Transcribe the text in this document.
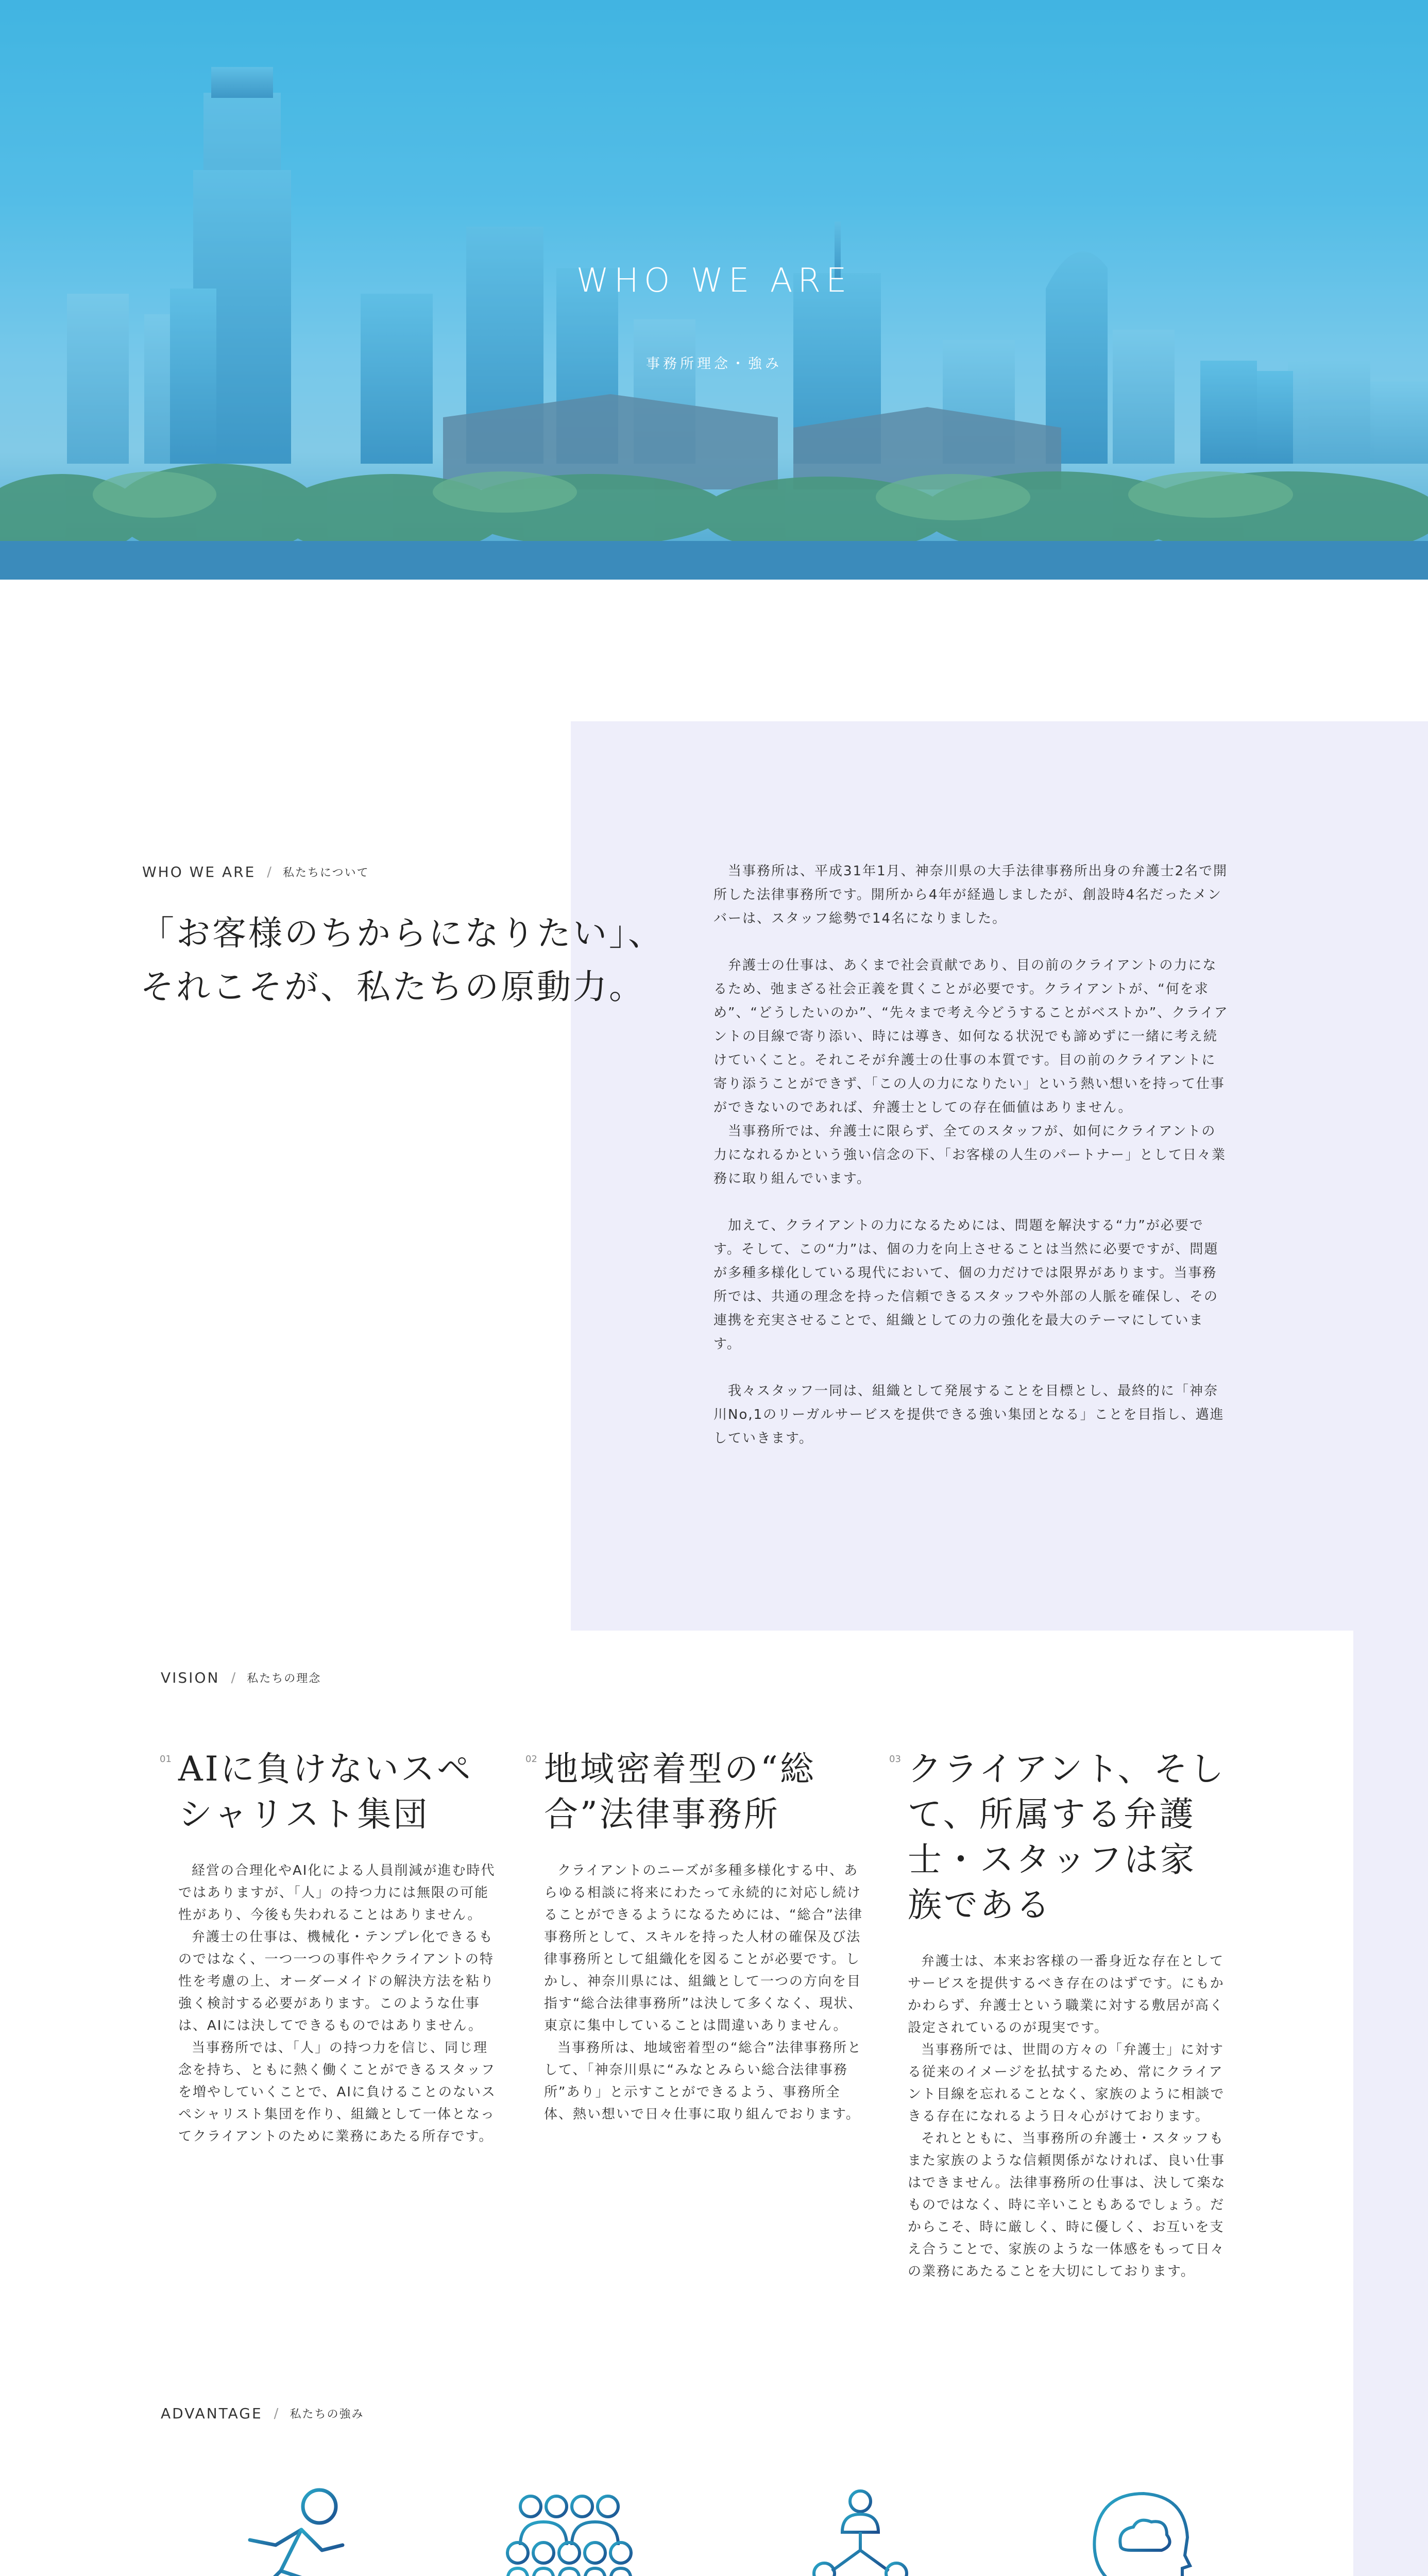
WHO WE ARE
事務所理念・強み
WHO WE ARE / 私たちについて
「お客様のちからになりたい」、
それこそが、私たちの原動力。

　当事務所は、平成31年1月、神奈川県の大手法律事務所出身の弁護士2名で開所した法律事務所です。開所から4年が経過しましたが、創設時4名だったメンバーは、スタッフ総勢で14名になりました。

　弁護士の仕事は、あくまで社会貢献であり、目の前のクライアントの力になるため、弛まざる社会正義を貫くことが必要です。クライアントが、“何を求め”、“どうしたいのか”、“先々まで考え今どうすることがベストか”、クライアントの目線で寄り添い、時には導き、如何なる状況でも諦めずに一緒に考え続けていくこと。それこそが弁護士の仕事の本質です。目の前のクライアントに寄り添うことができず、「この人の力になりたい」という熱い想いを持って仕事ができないのであれば、弁護士としての存在価値はありません。
　当事務所では、弁護士に限らず、全てのスタッフが、如何にクライアントの力になれるかという強い信念の下、「お客様の人生のパートナー」として日々業務に取り組んでいます。

　加えて、クライアントの力になるためには、問題を解決する“力”が必要です。そして、この“力”は、個の力を向上させることは当然に必要ですが、問題が多種多様化している現代において、個の力だけでは限界があります。当事務所では、共通の理念を持った信頼できるスタッフや外部の人脈を確保し、その連携を充実させることで、組織としての力の強化を最大のテーマにしています。

　我々スタッフ一同は、組織として発展することを目標とし、最終的に「神奈川No,1のリーガルサービスを提供できる強い集団となる」ことを目指し、邁進していきます。

VISION / 私たちの理念
01 AIに負けないスペシャリスト集団

経営の合理化やAI化による人員削減が進む時代ではありますが、「人」の持つ力には無限の可能性があり、今後も失われることはありません。

弁護士の仕事は、機械化・テンプレ化できるものではなく、一つ一つの事件やクライアントの特性を考慮の上、オーダーメイドの解決方法を粘り強く検討する必要があります。このような仕事は、AIには決してできるものではありません。

当事務所では、「人」の持つ力を信じ、同じ理念を持ち、ともに熱く働くことができるスタッフを増やしていくことで、AIに負けることのないスペシャリスト集団を作り、組織として一体となってクライアントのために業務にあたる所存です。

02 地域密着型の“総合”法律事務所

クライアントのニーズが多種多様化する中、あらゆる相談に将来にわたって永続的に対応し続けることができるようになるためには、“総合”法律事務所として、スキルを持った人材の確保及び法律事務所として組織化を図ることが必要です。しかし、神奈川県には、組織として一つの方向を目指す“総合法律事務所”は決して多くなく、現状、東京に集中していることは間違いありません。

当事務所は、地域密着型の“総合”法律事務所として、「神奈川県に“みなとみらい総合法律事務所”あり」と示すことができるよう、事務所全体、熱い想いで日々仕事に取り組んでおります。

03 クライアント、そして、所属する弁護士・スタッフは家族である

弁護士は、本来お客様の一番身近な存在としてサービスを提供するべき存在のはずです。にもかかわらず、弁護士という職業に対する敷居が高く設定されているのが現実です。

当事務所では、世間の方々の「弁護士」に対する従来のイメージを払拭するため、常にクライアント目線を忘れることなく、家族のように相談できる存在になれるよう日々心がけております。

それとともに、当事務所の弁護士・スタッフもまた家族のような信頼関係がなければ、良い仕事はできません。法律事務所の仕事は、決して楽なものではなく、時に辛いこともあるでしょう。だからこそ、時に厳しく、時に優しく、お互いを支え合うことで、家族のような一体感をもって日々の業務にあたることを大切にしております。

ADVANTAGE / 私たちの強み
